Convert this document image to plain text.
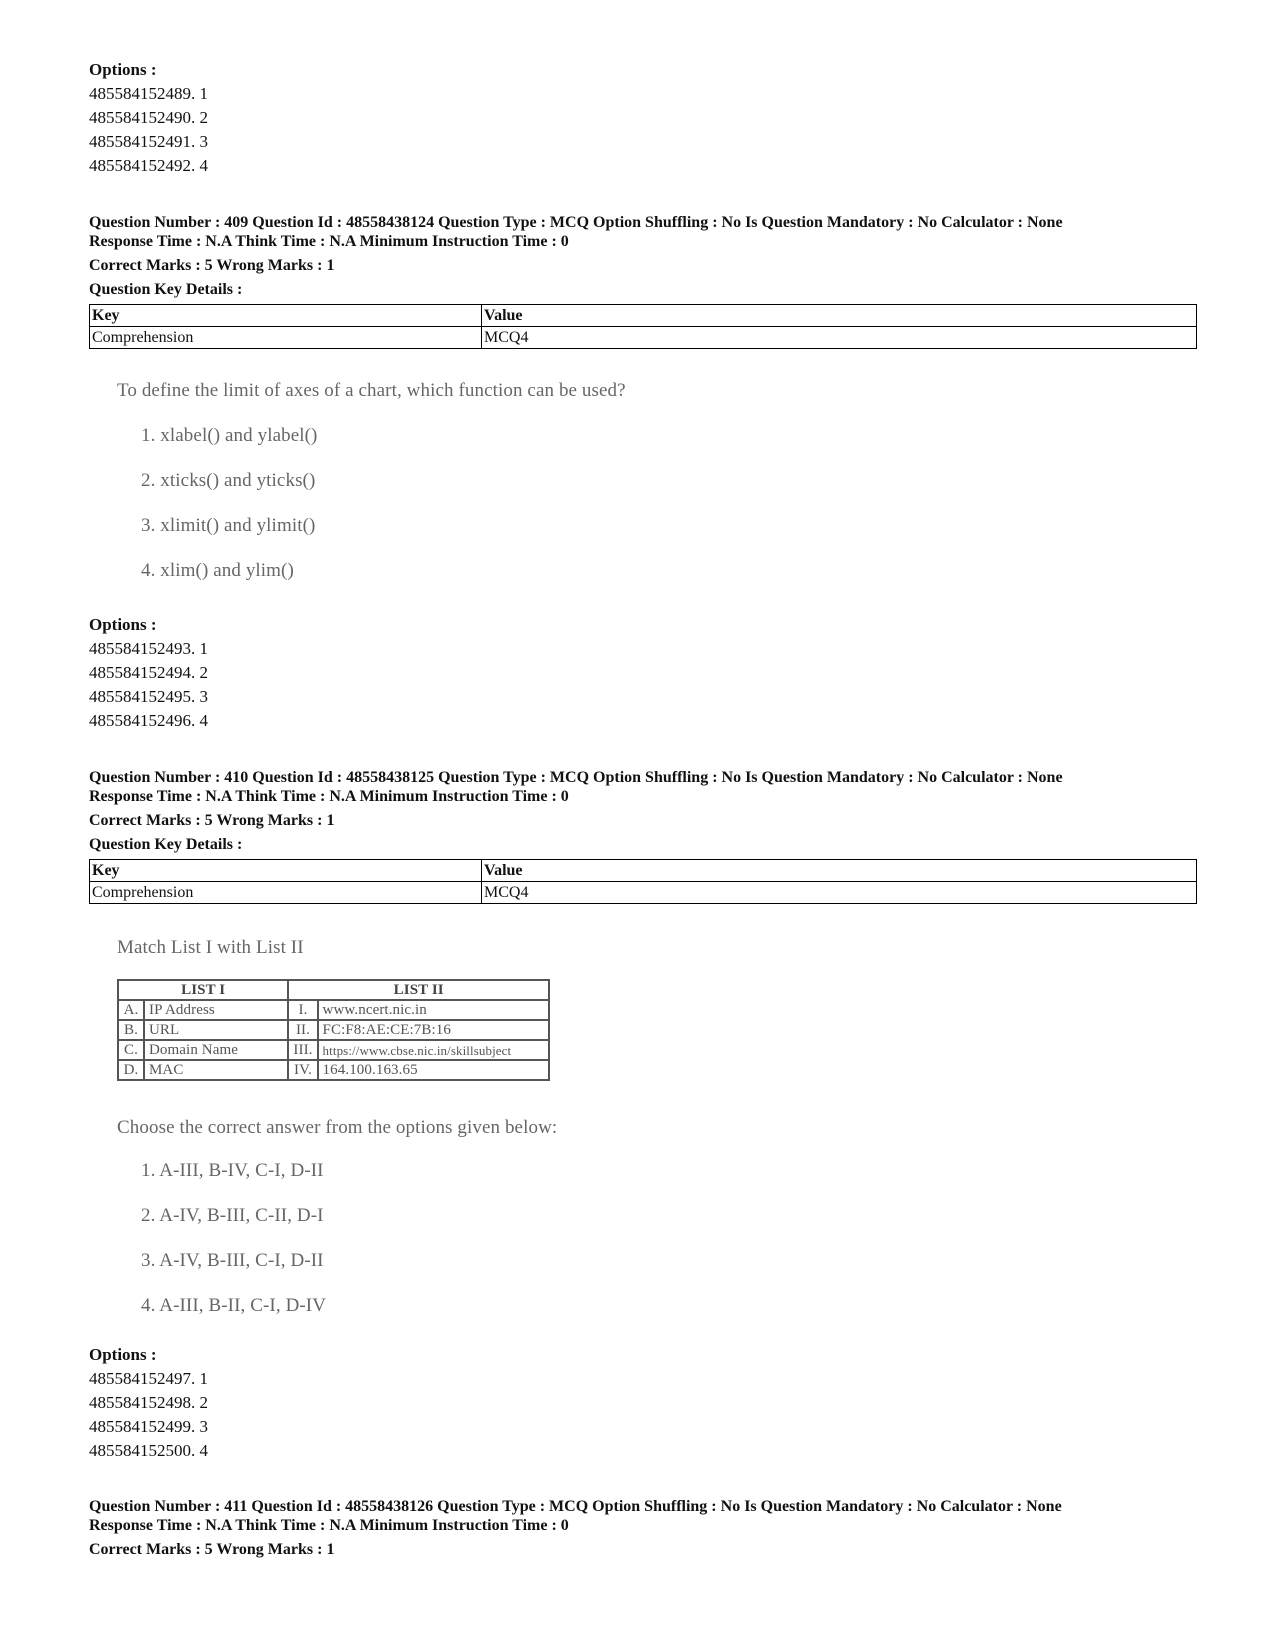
Options :
485584152489. 1
485584152490. 2
485584152491. 3
485584152492. 4
Question Number : 409 Question Id : 48558438124 Question Type : MCQ Option Shuffling : No Is Question Mandatory : No Calculator : None
Response Time : N.A Think Time : N.A Minimum Instruction Time : 0
Correct Marks : 5 Wrong Marks : 1
Question Key Details :
Key	Value
Comprehension	MCQ4
To define the limit of axes of a chart, which function can be used?
1. xlabel() and ylabel()
2. xticks() and yticks()
3. xlimit() and ylimit()
4. xlim() and ylim()
Options :
485584152493. 1
485584152494. 2
485584152495. 3
485584152496. 4
Question Number : 410 Question Id : 48558438125 Question Type : MCQ Option Shuffling : No Is Question Mandatory : No Calculator : None
Response Time : N.A Think Time : N.A Minimum Instruction Time : 0
Correct Marks : 5 Wrong Marks : 1
Question Key Details :
Key	Value
Comprehension	MCQ4
Match List I with List II
LIST I		LIST II	
A.	IP Address	I.	www.ncert.nic.in
B.	URL	II.	FC:F8:AE:CE:7B:16
C.	Domain Name	III.	https://www.cbse.nic.in/skillsubject
D.	MAC	IV.	164.100.163.65
Choose the correct answer from the options given below:
1. A-III, B-IV, C-I, D-II
2. A-IV, B-III, C-II, D-I
3. A-IV, B-III, C-I, D-II
4. A-III, B-II, C-I, D-IV
Options :
485584152497. 1
485584152498. 2
485584152499. 3
485584152500. 4
Question Number : 411 Question Id : 48558438126 Question Type : MCQ Option Shuffling : No Is Question Mandatory : No Calculator : None
Response Time : N.A Think Time : N.A Minimum Instruction Time : 0
Correct Marks : 5 Wrong Marks : 1
